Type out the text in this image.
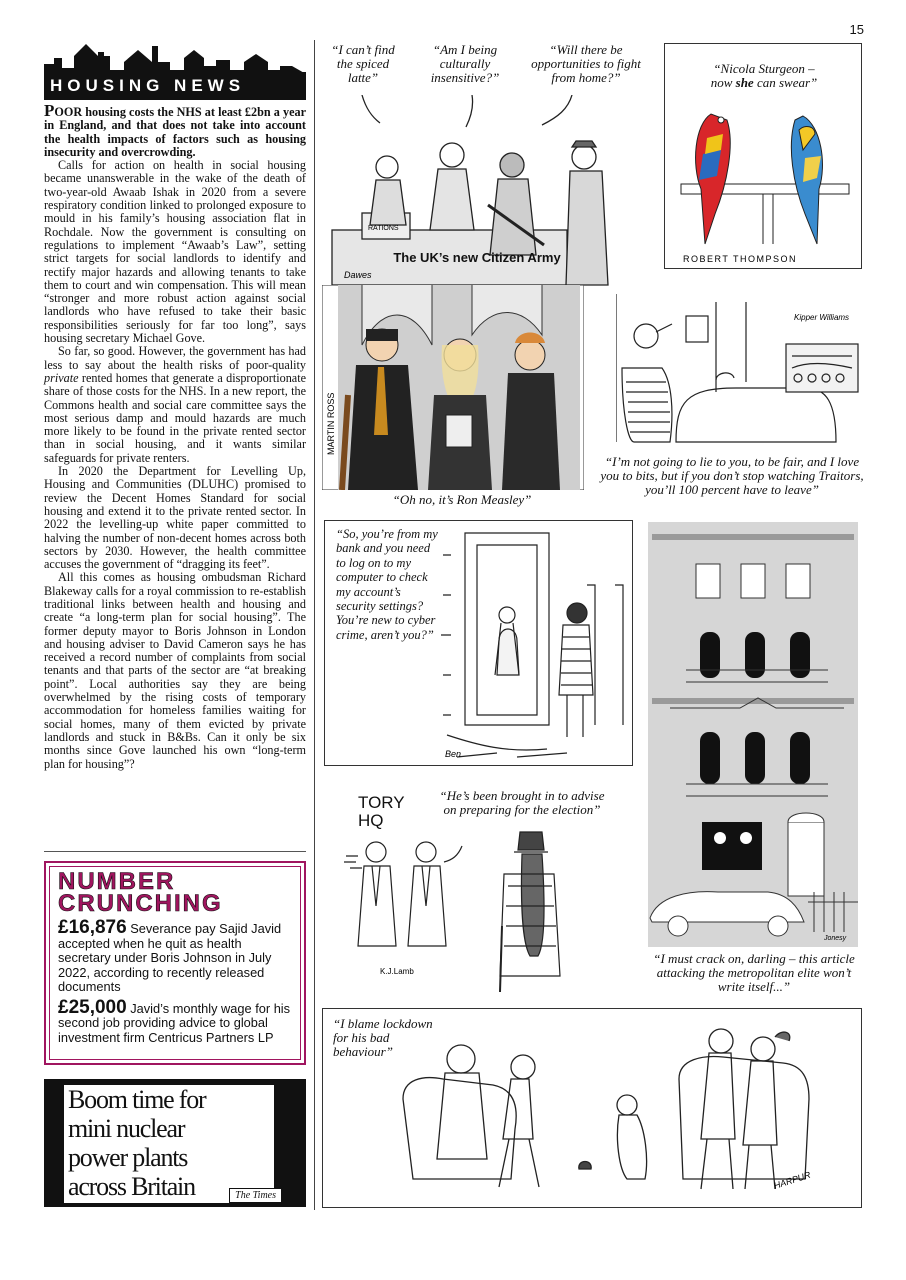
15
HOUSING NEWS

POOR housing costs the NHS at least £2bn a year in England, and that does not take into account the health impacts of factors such as housing insecurity and overcrowding.

Calls for action on health in social housing became unanswerable in the wake of the death of two-year-old Awaab Ishak in 2020 from a severe respiratory condition linked to prolonged exposure to mould in his family’s housing association flat in Rochdale. Now the government is consulting on regulations to implement “Awaab’s Law”, setting strict targets for social landlords to identify and rectify major hazards and allowing tenants to take them to court and win compensation. This will mean “stronger and more robust action against social landlords who have refused to take their basic responsibilities seriously for far too long”, says housing secretary Michael Gove.

So far, so good. However, the government has had less to say about the health risks of poor-quality private rented homes that generate a disproportionate share of those costs for the NHS. In a new report, the Commons health and social care committee says the most serious damp and mould hazards are much more likely to be found in the private rented sector than in social housing, and it wants similar safeguards for private renters.

In 2020 the Department for Levelling Up, Housing and Communities (DLUHC) promised to review the Decent Homes Standard for social housing and extend it to the private rented sector. In 2022 the levelling-up white paper committed to halving the number of non-decent homes across both sectors by 2030. However, the health committee accuses the government of “dragging its feet”.

All this comes as housing ombudsman Richard Blakeway calls for a royal commission to re-establish traditional links between health and housing and create “a long-term plan for social housing”. The former deputy mayor to Boris Johnson in London and housing adviser to David Cameron says he has received a record number of complaints from social tenants and that parts of the sector are “at breaking point”. Local authorities say they are being overwhelmed by the rising costs of temporary accommodation for homeless families waiting for social homes, many of them evicted by private landlords and stuck in B&Bs. Can it only be six months since Gove launched his own “long-term plan for housing”?

NUMBER
CRUNCHING
£16,876 Severance pay Sajid Javid accepted when he quit as health secretary under Boris Johnson in July 2022, according to recently released documents
£25,000 Javid’s monthly wage for his second job providing advice to global investment firm Centricus Partners LP
Boom time for mini nuclear power plants across Britain	The Times
“I can’t find the spiced latte”
“Am I being culturally insensitive?”
“Will there be opportunities to fight from home?”
RATIONS
Dawes
The UK’s new Citizen Army
“Nicola Sturgeon –
now she can swear”
ROBERT THOMPSON
MARTIN ROSS
“Oh no, it’s Ron Measley”
Kipper Williams
“I’m not going to lie to you, to be fair, and I love you to bits, but if you don’t stop watching Traitors, you’ll 100 percent have to leave”
“So, you’re from my bank and you need to log on to my computer to check my account’s security settings? You’re new to cyber crime, aren’t you?”
Ben
Jonesy
“I must crack on, darling – this article attacking the metropolitan elite won’t write itself...”
TORY
HQ
“He’s been brought in to advise on preparing for the election”
K.J.Lamb
“I blame lockdown for his bad behaviour”
HARPUR
